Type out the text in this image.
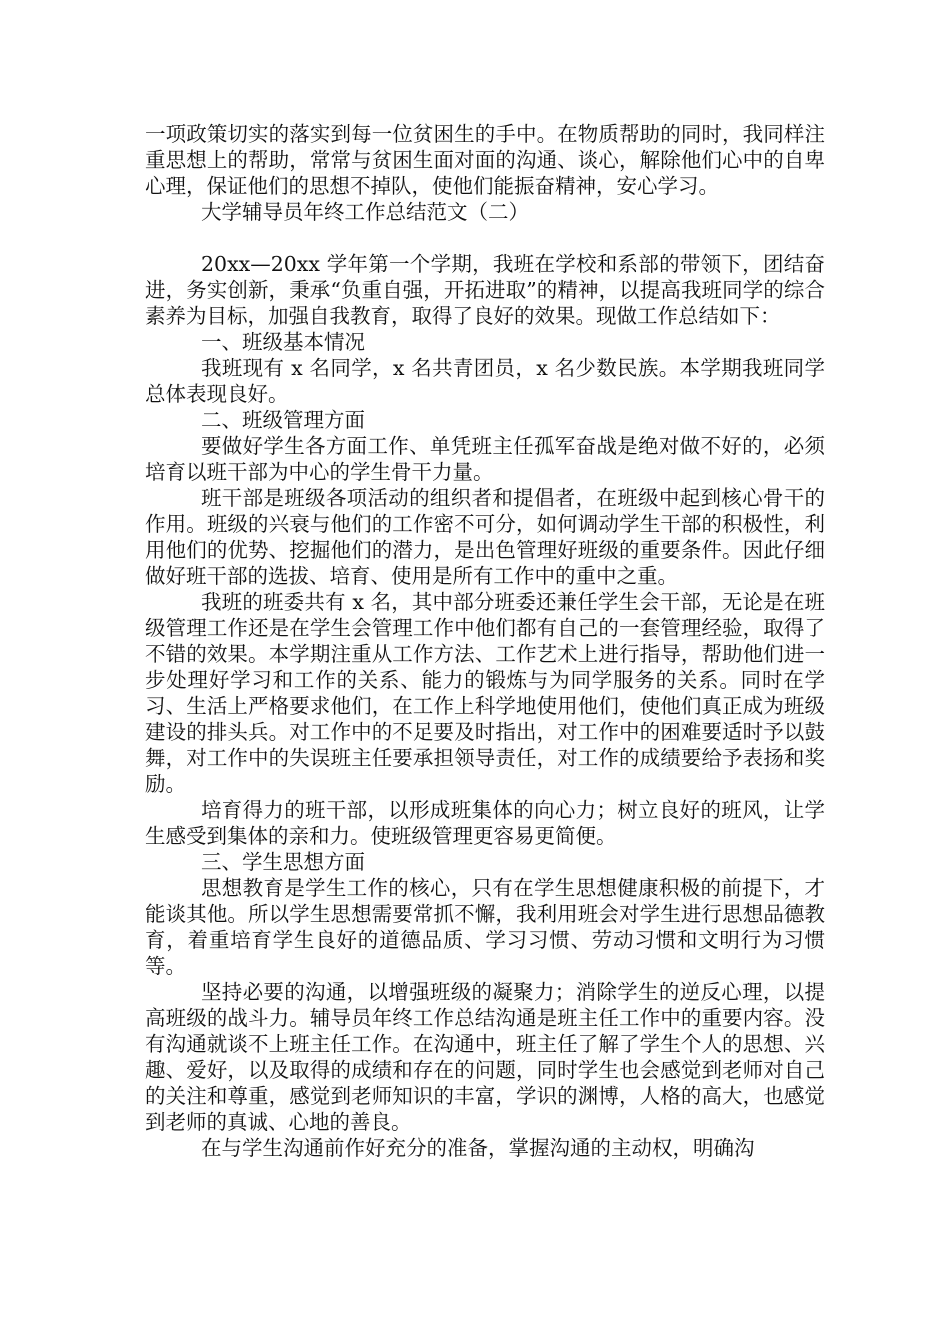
一项政策切实的落实到每一位贫困生的手中。在物质帮助的同时，我同样注重思想上的帮助，常常与贫困生面对面的沟通、谈心，解除他们心中的自卑心理，保证他们的思想不掉队，使他们能振奋精神，安心学习。

大学辅导员年终工作总结范文（二）

20xx—20xx 学年第一个学期，我班在学校和系部的带领下，团结奋进，务实创新，秉承“负重自强，开拓进取”的精神，以提高我班同学的综合素养为目标，加强自我教育，取得了良好的效果。现做工作总结如下：

一、班级基本情况

我班现有 x 名同学，x 名共青团员，x 名少数民族。本学期我班同学总体表现良好。

二、班级管理方面

要做好学生各方面工作、单凭班主任孤军奋战是绝对做不好的，必须培育以班干部为中心的学生骨干力量。

班干部是班级各项活动的组织者和提倡者，在班级中起到核心骨干的作用。班级的兴衰与他们的工作密不可分，如何调动学生干部的积极性，利用他们的优势、挖掘他们的潜力，是出色管理好班级的重要条件。因此仔细做好班干部的选拔、培育、使用是所有工作中的重中之重。

我班的班委共有 x 名，其中部分班委还兼任学生会干部，无论是在班级管理工作还是在学生会管理工作中他们都有自己的一套管理经验，取得了不错的效果。本学期注重从工作方法、工作艺术上进行指导，帮助他们进一步处理好学习和工作的关系、能力的锻炼与为同学服务的关系。同时在学习、生活上严格要求他们，在工作上科学地使用他们，使他们真正成为班级建设的排头兵。对工作中的不足要及时指出，对工作中的困难要适时予以鼓舞，对工作中的失误班主任要承担领导责任，对工作的成绩要给予表扬和奖励。

培育得力的班干部，以形成班集体的向心力；树立良好的班风，让学生感受到集体的亲和力。使班级管理更容易更简便。

三、学生思想方面

思想教育是学生工作的核心，只有在学生思想健康积极的前提下，才能谈其他。所以学生思想需要常抓不懈，我利用班会对学生进行思想品德教育，着重培育学生良好的道德品质、学习习惯、劳动习惯和文明行为习惯等。

坚持必要的沟通，以增强班级的凝聚力；消除学生的逆反心理，以提高班级的战斗力。辅导员年终工作总结沟通是班主任工作中的重要内容。没有沟通就谈不上班主任工作。在沟通中，班主任了解了学生个人的思想、兴趣、爱好，以及取得的成绩和存在的问题，同时学生也会感觉到老师对自己的关注和尊重，感觉到老师知识的丰富，学识的渊博，人格的高大，也感觉到老师的真诚、心地的善良。

在与学生沟通前作好充分的准备，掌握沟通的主动权，明确沟
